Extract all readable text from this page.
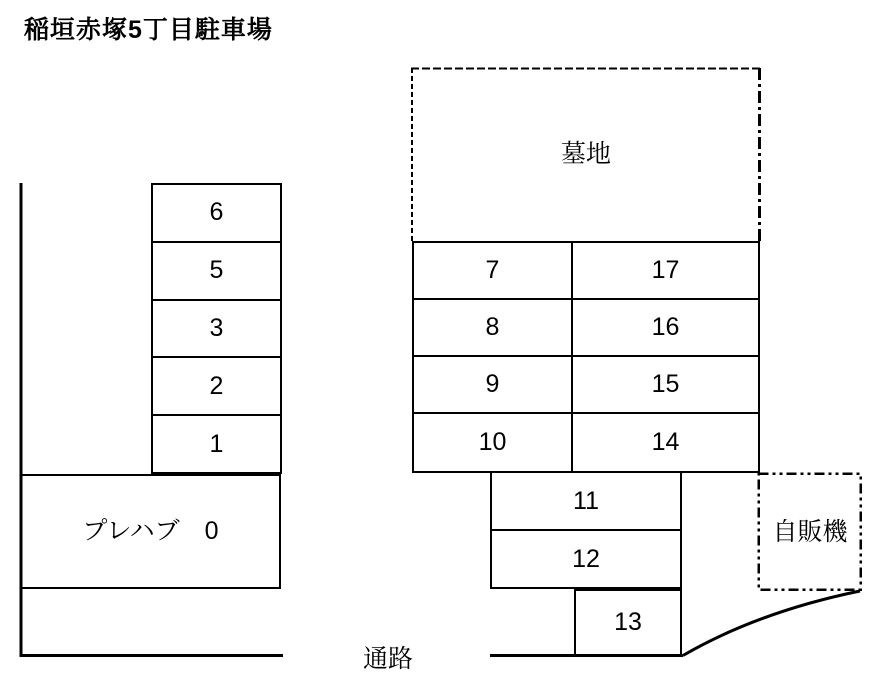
稲垣赤塚5丁目駐車場
6
5
3
2
1
プレハブ　0
墓地
7	17
8	16
9	15
10	14
11
12
13
自販機
通路
